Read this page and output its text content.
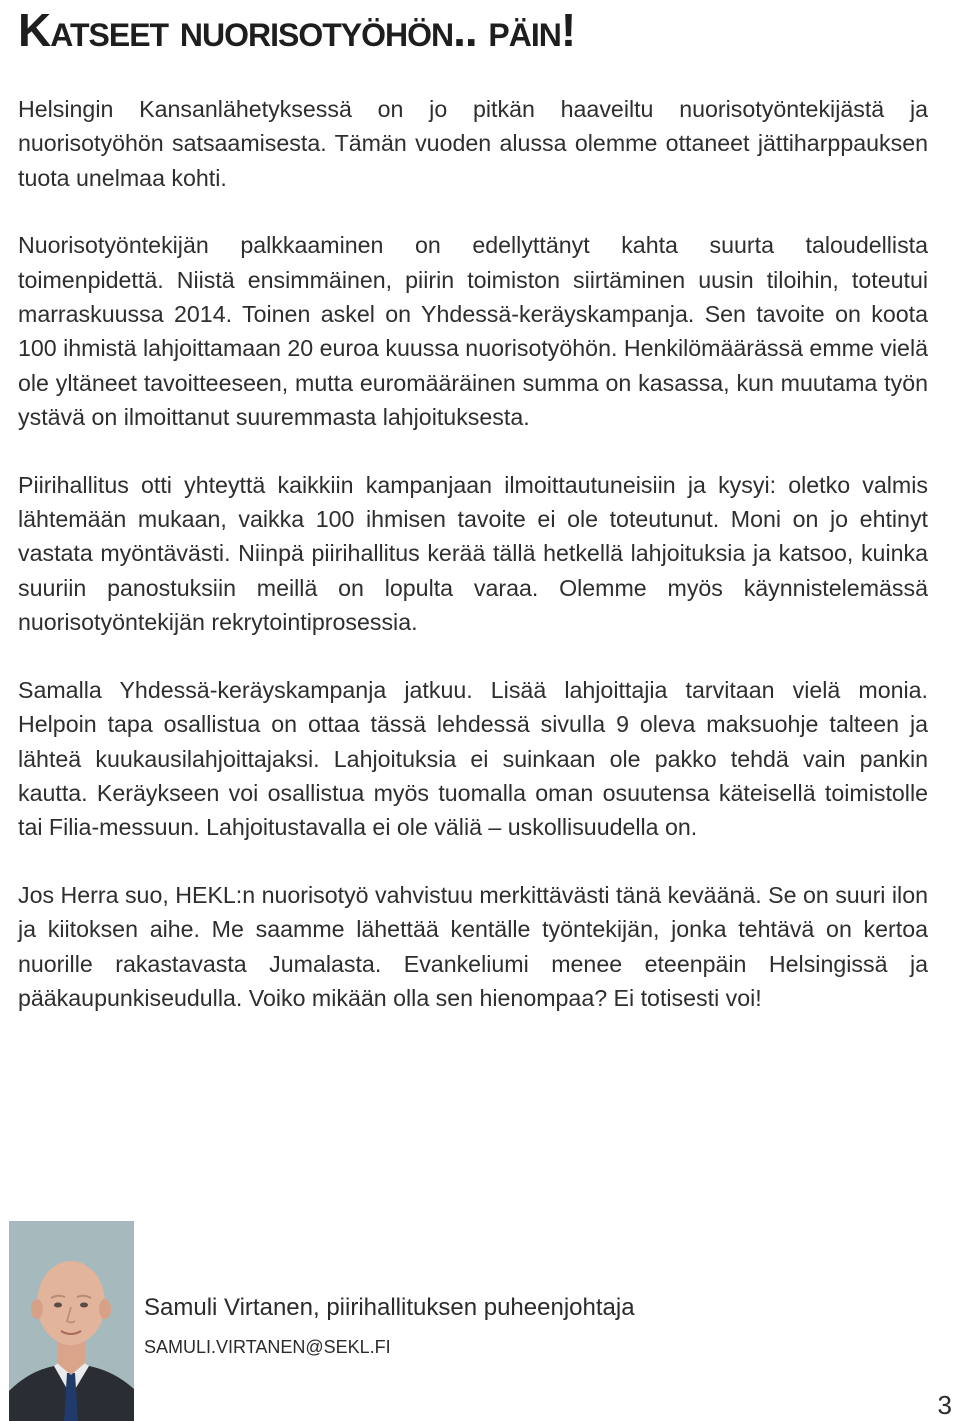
Katseet nuorisotyöhön.. päin!

Helsingin Kansanlähetyksessä on jo pitkän haaveiltu nuorisotyöntekijästä ja nuorisotyöhön satsaamisesta. Tämän vuoden alussa olemme ottaneet jättiharppauksen tuota unelmaa kohti.

Nuorisotyöntekijän palkkaaminen on edellyttänyt kahta suurta taloudellista toimenpidettä. Niistä ensimmäinen, piirin toimiston siirtäminen uusin tiloihin, toteutui marraskuussa 2014. Toinen askel on Yhdessä-keräyskampanja. Sen tavoite on koota 100 ihmistä lahjoittamaan 20 euroa kuussa nuorisotyöhön. Henkilömäärässä emme vielä ole yltäneet tavoitteeseen, mutta euromääräinen summa on kasassa, kun muutama työn ystävä on ilmoittanut suuremmasta lahjoituksesta.

Piirihallitus otti yhteyttä kaikkiin kampanjaan ilmoittautuneisiin ja kysyi: oletko valmis lähtemään mukaan, vaikka 100 ihmisen tavoite ei ole toteutunut. Moni on jo ehtinyt vastata myöntävästi. Niinpä piirihallitus kerää tällä hetkellä lahjoituksia ja katsoo, kuinka suuriin panostuksiin meillä on lopulta varaa. Olemme myös käynnistelemässä nuorisotyöntekijän rekrytointiprosessia.

Samalla Yhdessä-keräyskampanja jatkuu. Lisää lahjoittajia tarvitaan vielä monia. Helpoin tapa osallistua on ottaa tässä lehdessä sivulla 9 oleva maksuohje talteen ja lähteä kuukausilahjoittajaksi. Lahjoituksia ei suinkaan ole pakko tehdä vain pankin kautta. Keräykseen voi osallistua myös tuomalla oman osuutensa käteisellä toimistolle tai Filia-messuun. Lahjoitustavalla ei ole väliä – uskollisuudella on.

Jos Herra suo, HEKL:n nuorisotyö vahvistuu merkittävästi tänä keväänä. Se on suuri ilon ja kiitoksen aihe. Me saamme lähettää kentälle työntekijän, jonka tehtävä on kertoa nuorille rakastavasta Jumalasta. Evankeliumi menee eteenpäin Helsingissä ja pääkaupunkiseudulla. Voiko mikään olla sen hienompaa? Ei totisesti voi!

Samuli Virtanen, piirihallituksen puheenjohtaja
SAMULI.VIRTANEN@SEKL.FI
3
